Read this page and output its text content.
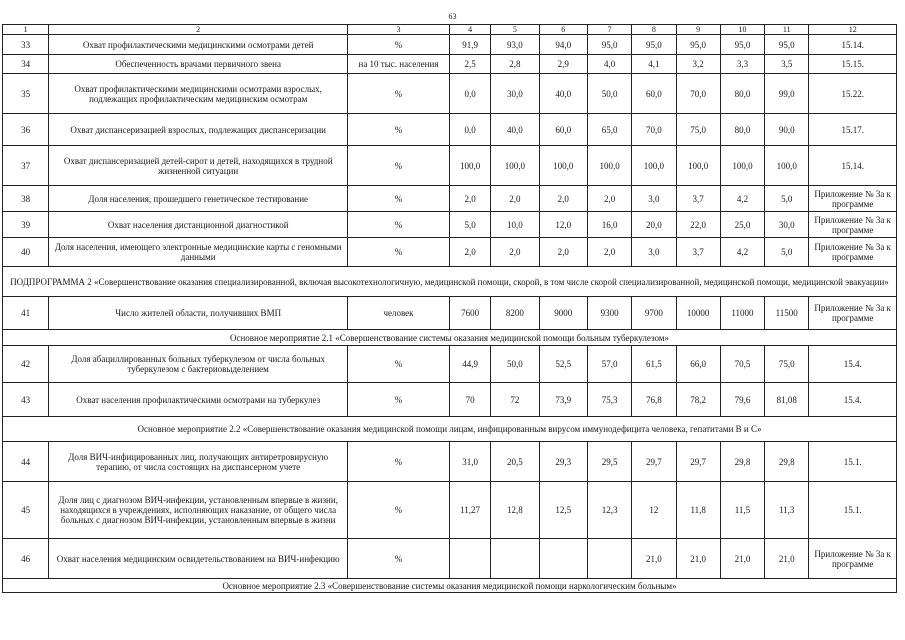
63
1	2	3	4	5	6	7	8	9	10	11	12
33	Охват профилактическими медицинскими осмотрами детей	%	91,9	93,0	94,0	95,0	95,0	95,0	95,0	95,0	15.14.
34	Обеспеченность врачами первичного звена	на 10 тыс. населения	2,5	2,8	2,9	4,0	4,1	3,2	3,3	3,5	15.15.
35	Охват профилактическими медицинскими осмотрами взрослых, подлежащих профилактическим медицинским осмотрам	%	0,0	30,0	40,0	50,0	60,0	70,0	80,0	99,0	15.22.
36	Охват диспансеризацией взрослых, подлежащих диспансеризации	%	0,0	40,0	60,0	65,0	70,0	75,0	80,0	90,0	15.17.
37	Охват диспансеризацией детей-сирот и детей, находящихся в трудной жизненной ситуации	%	100,0	100,0	100,0	100,0	100,0	100,0	100,0	100,0	15.14.
38	Доля населения, прошедшего генетическое тестирование	%	2,0	2,0	2,0	2,0	3,0	3,7	4,2	5,0	Приложение № 3а к программе
39	Охват населения дистанционной диагностикой	%	5,0	10,0	12,0	16,0	20,0	22,0	25,0	30,0	Приложение № 3а к программе
40	Доля населения, имеющего электронные медицинские карты с геномными данными	%	2,0	2,0	2,0	2,0	3,0	3,7	4,2	5,0	Приложение № 3а к программе
ПОДПРОГРАММА 2 «Совершенствование оказания специализированной, включая высокотехнологичную, медицинской помощи, скорой, в том числе скорой специализированной, медицинской помощи, медицинской эвакуации»											
41	Число жителей области, получивших ВМП	человек	7600	8200	9000	9300	9700	10000	11000	11500	Приложение № 3а к программе
Основное мероприятие 2.1 «Совершенствование системы оказания медицинской помощи больным туберкулезом»											
42	Доля абациллированных больных туберкулезом от числа больных туберкулезом с бактериовыделением	%	44,9	50,0	52,5	57,0	61,5	66,0	70,5	75,0	15.4.
43	Охват населения профилактическими осмотрами на туберкулез	%	70	72	73,9	75,3	76,8	78,2	79,6	81,08	15.4.
Основное мероприятие 2.2 «Совершенствование оказания медицинской помощи лицам, инфицированным вирусом иммунодефицита человека, гепатитами B и C»											
44	Доля ВИЧ-инфицированных лиц, получающих антиретровирусную терапию, от числа состоящих на диспансерном учете	%	31,0	20,5	29,3	29,5	29,7	29,7	29,8	29,8	15.1.
45	Доля лиц с диагнозом ВИЧ-инфекции, установленным впервые в жизни, находящихся в учреждениях, исполняющих наказание, от общего числа больных с диагнозом ВИЧ-инфекции, установленным впервые в жизни	%	11,27	12,8	12,5	12,3	12	11,8	11,5	11,3	15.1.
46	Охват населения медицинским освидетельствованием на ВИЧ-инфекцию	%					21,0	21,0	21,0	21,0	Приложение № 3а к программе
Основное мероприятие 2.3 «Совершенствование системы оказания медицинской помощи наркологическим больным»											
